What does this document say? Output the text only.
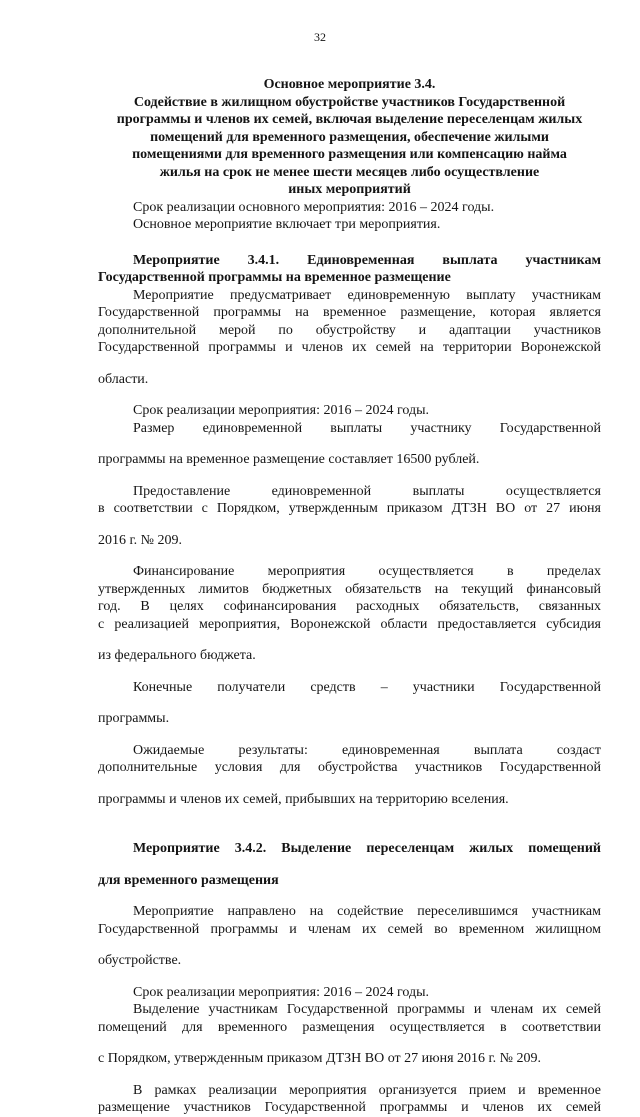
32
Основное мероприятие 3.4.
Содействие в жилищном обустройстве участников Государственной
программы и членов их семей, включая выделение переселенцам жилых
помещений для временного размещения, обеспечение жилыми
помещениями для временного размещения или компенсацию найма
жилья на срок не менее шести месяцев либо осуществление
иных мероприятий
Срок реализации основного мероприятия: 2016 – 2024 годы.
Основное мероприятие включает три мероприятия.

Мероприятие 3.4.1. Единовременная выплата участникам

Государственной программы на временное размещение

Мероприятие предусматривает единовременную выплату участникам

Государственной программы на временное размещение, которая является

дополнительной мерой по обустройству и адаптации участников

Государственной программы и членов их семей на территории Воронежской

области.

Срок реализации мероприятия: 2016 – 2024 годы.

Размер единовременной выплаты участнику Государственной

программы на временное размещение составляет 16500 рублей.

Предоставление единовременной выплаты осуществляется

в соответствии с Порядком, утвержденным приказом ДТЗН ВО от 27 июня

2016 г. № 209.

Финансирование мероприятия осуществляется в пределах

утвержденных лимитов бюджетных обязательств на текущий финансовый

год. В целях софинансирования расходных обязательств, связанных

с реализацией мероприятия, Воронежской области предоставляется субсидия

из федерального бюджета.

Конечные получатели средств – участники Государственной

программы.

Ожидаемые результаты: единовременная выплата создаст

дополнительные условия для обустройства участников Государственной

программы и членов их семей, прибывших на территорию вселения.

Мероприятие 3.4.2. Выделение переселенцам жилых помещений

для временного размещения

Мероприятие направлено на содействие переселившимся участникам

Государственной программы и членам их семей во временном жилищном

обустройстве.

Срок реализации мероприятия: 2016 – 2024 годы.

Выделение участникам Государственной программы и членам их семей

помещений для временного размещения осуществляется в соответствии

с Порядком, утвержденным приказом ДТЗН ВО от 27 июня 2016 г. № 209.

В рамках реализации мероприятия организуется прием и временное

размещение участников Государственной программы и членов их семей
